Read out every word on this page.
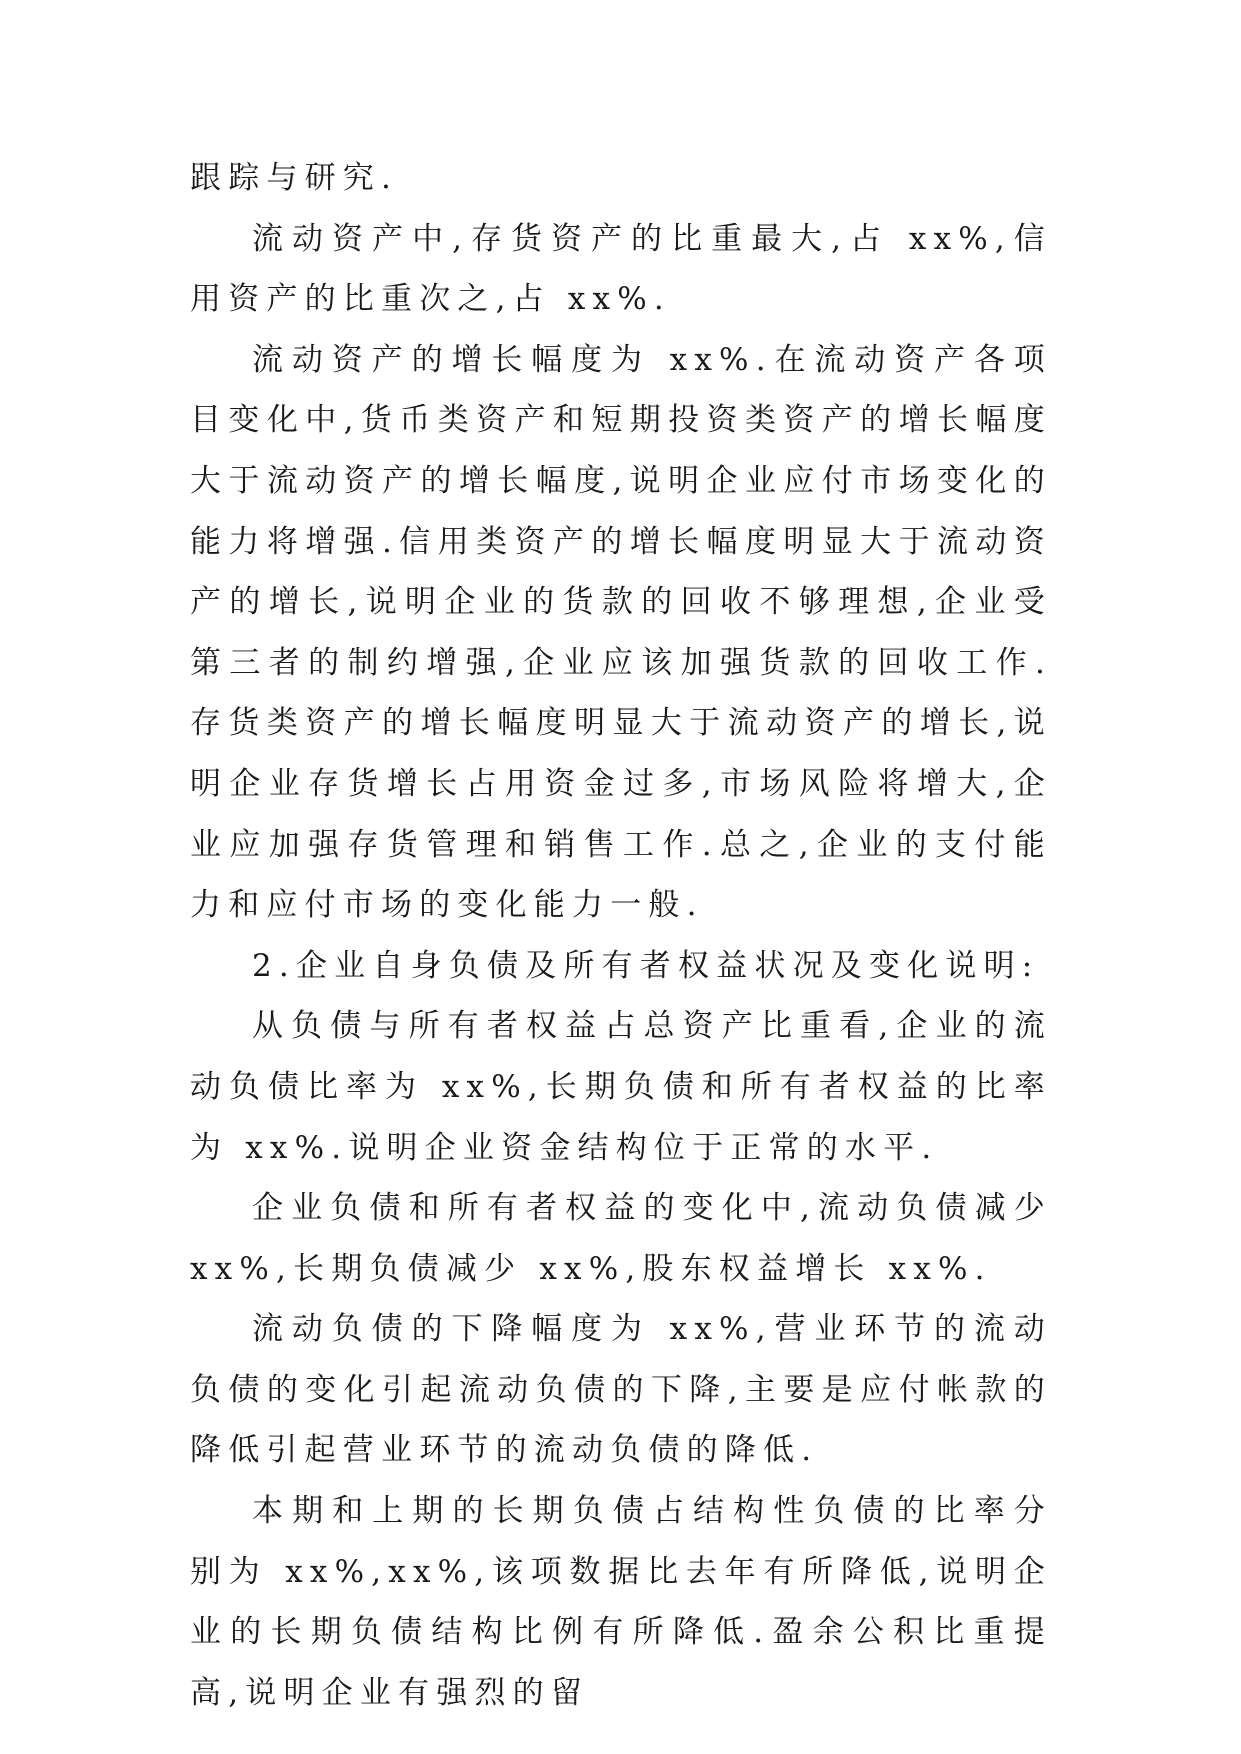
跟踪与研究.

流动资产中,存货资产的比重最大,占 xx%,信用资产的比重次之,占 xx%.

流动资产的增长幅度为 xx%.在流动资产各项目变化中,货币类资产和短期投资类资产的增长幅度大于流动资产的增长幅度,说明企业应付市场变化的能力将增强.信用类资产的增长幅度明显大于流动资产的增长,说明企业的货款的回收不够理想,企业受第三者的制约增强,企业应该加强货款的回收工作.存货类资产的增长幅度明显大于流动资产的增长,说明企业存货增长占用资金过多,市场风险将增大,企业应加强存货管理和销售工作.总之,企业的支付能力和应付市场的变化能力一般.

2.企业自身负债及所有者权益状况及变化说明:

从负债与所有者权益占总资产比重看,企业的流动负债比率为 xx%,长期负债和所有者权益的比率为 xx%.说明企业资金结构位于正常的水平.

企业负债和所有者权益的变化中,流动负债减少 xx%,长期负债减少 xx%,股东权益增长 xx%.

流动负债的下降幅度为 xx%,营业环节的流动负债的变化引起流动负债的下降,主要是应付帐款的降低引起营业环节的流动负债的降低.

本期和上期的长期负债占结构性负债的比率分别为 xx%,xx%,该项数据比去年有所降低,说明企业的长期负债结构比例有所降低.盈余公积比重提高,说明企业有强烈的留
